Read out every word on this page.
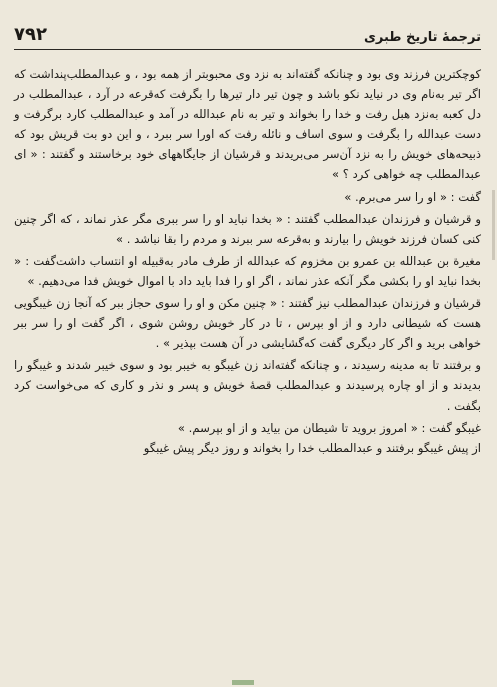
۷۹۲	ترجمهٔ تاریخ طبری

کوچکترین فرزند وی بود و چنانکه گفته‌اند به نزد وی محبوبتر از همه بود ، و عبدالمطلب‌پنداشت که اگر تیر به‌نام وی در نیاید نکو باشد و چون تیر دار تیرها را بگرفت که‌قرعه در آرد ، عبدالمطلب در دل کعبه به‌نزد هبل رفت و خدا را بخواند و تیر به نام عبدالله در آمد و عبدالمطلب کارد برگرفت و دست عبدالله را بگرفت و سوی اساف و نائله رفت که اورا سر ببرد ، و این دو بت قریش بود که ذبیحه‌های خویش را به نزد آن‌سر می‌بریدند و قرشیان از جایگاههای خود برخاستند و گفتند : « ای عبدالمطلب چه خواهی کرد ؟ »

گفت : « او را سر می‌برم. »

و قرشیان و فرزندان عبدالمطلب گفتند : « بخدا نباید او را سر ببری مگر عذر نماند ، که اگر چنین کنی کسان فرزند خویش را بیارند و به‌قرعه سر ببرند و مردم را بقا نباشد . »

مغیرة بن عبدالله بن عمرو بن مخزوم که عبدالله از طرف مادر به‌قبیله او انتساب داشت‌گفت : « بخدا نباید او را بکشی مگر آنکه عذر نماند ، اگر او را فدا باید داد با اموال خویش فدا می‌دهیم. »

قرشیان و فرزندان عبدالمطلب نیز گفتند : « چنین مکن و او را سوی حجاز ببر که آنجا زن غیبگویی هست که شیطانی دارد و از او بپرس ، تا در کار خویش روشن شوی ، اگر گفت او را سر ببر خواهی برید و اگر کار دیگری گفت که‌گشایشی در آن هست بپذیر » .

و برفتند تا به مدینه رسیدند ، و چنانکه گفته‌اند زن غیبگو به خیبر بود و سوی خیبر شدند و غیبگو را بدیدند و از او چاره پرسیدند و عبدالمطلب قصهٔ خویش و پسر و نذر و کاری که می‌خواست کرد بگفت .

غیبگو گفت : « امروز بروید تا شیطان من بیاید و از او بپرسم. »

از پیش غیبگو برفتند و عبدالمطلب خدا را بخواند و روز دیگر پیش غیبگو
